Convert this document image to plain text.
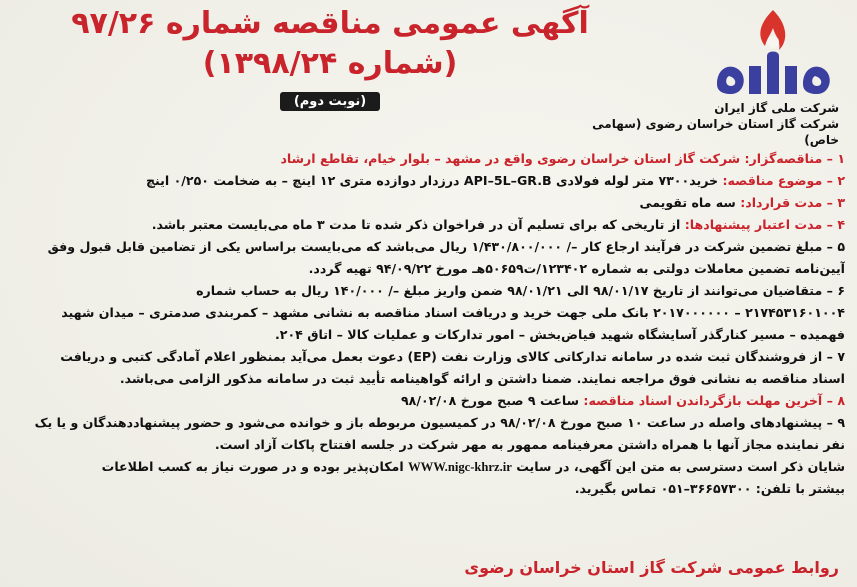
شرکت ملی گاز ایران
شرکت گاز استان خراسان رضوی (سهامی خاص)
آگهی عمومی مناقصه شماره ۹۷/۲۶
(شماره ۱۳۹۸/۲۴)
(نوبت دوم)
۱ – مناقصه‌گزار: شرکت گاز استان خراسان رضوی واقع در مشهد – بلوار خیام، تقاطع ارشاد
۲ – موضوع مناقصه: خرید۷۳۰۰ متر لوله فولادی API–5L–GR.B درزدار دوازده متری ۱۲ اینچ – به ضخامت ۰/۲۵۰ اینچ
۳ – مدت قرارداد: سه ماه تقویمی
۴ – مدت اعتبار پیشنهادها: از تاریخی که برای تسلیم آن در فراخوان ذکر شده تا مدت ۳ ماه می‌بایست معتبر باشد.
۵ – مبلغ تضمین شرکت در فرآیند ارجاع کار –/ ۱/۴۳۰/۸۰۰/۰۰۰ ریال می‌باشد که می‌بایست براساس یکی از تضامین قابل قبول وفق
آیین‌نامه تضمین معاملات دولتی به شماره ۱۲۳۴۰۲/ت۵۰۶۵۹هـ مورخ ۹۴/۰۹/۲۲ تهیه گردد.
۶ – متقاضیان می‌توانند از تاریخ ۹۸/۰۱/۱۷ الی ۹۸/۰۱/۲۱ ضمن واریز مبلغ –/ ۱۴۰/۰۰۰ ریال به حساب شماره
۲۱۷۴۵۳۱۶۰۱۰۰۴ – ۲۰۱۷۰۰۰۰۰۰ بانک ملی جهت خرید و دریافت اسناد مناقصه به نشانی مشهد – کمربندی صدمتری – میدان شهید
فهمیده – مسیر کنارگذر آسایشگاه شهید فیاض‌بخش – امور تدارکات و عملیات کالا – اتاق ۲۰۴.
۷ – از فروشندگان ثبت شده در سامانه تدارکاتی کالای وزارت نفت (EP) دعوت بعمل می‌آید بمنظور اعلام آمادگی کتبی و دریافت
اسناد مناقصه به نشانی فوق مراجعه نمایند. ضمنا داشتن و ارائه گواهینامه تأیید ثبت در سامانه مذکور الزامی می‌باشد.
۸ – آخرین مهلت بازگرداندن اسناد مناقصه: ساعت ۹ صبح مورخ ۹۸/۰۲/۰۸
۹ – پیشنهادهای واصله در ساعت ۱۰ صبح مورخ ۹۸/۰۲/۰۸ در کمیسیون مربوطه باز و خوانده می‌شود و حضور پیشنهاددهندگان و یا یک
نفر نماینده مجاز آنها با همراه داشتن معرفینامه ممهور به مهر شرکت در جلسه افتتاح پاکات آزاد است.
شایان ذکر است دسترسی به متن این آگهی، در سایت WWW.nigc-khrz.ir امکان‌پذیر بوده و در صورت نیاز به کسب اطلاعات
بیشتر با تلفن: ۳۶۶۵۷۳۰۰–۰۵۱ تماس بگیرید.
روابط عمومی شرکت گاز استان خراسان رضوی
